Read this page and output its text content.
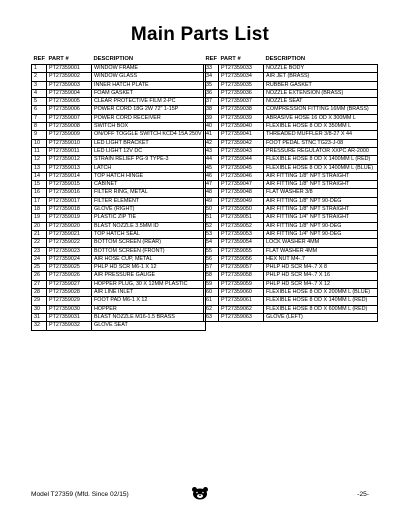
Main Parts List
REF	PART #	DESCRIPTION
1	PT27359001	WINDOW FRAME
2	PT27359002	WINDOW GLASS
3	PT27359003	INNER HATCH PLATE
4	PT27359004	FOAM GASKET
5	PT27359005	CLEAR PROTECTIVE FILM 2-PC
6	PT27359006	POWER CORD 18G 2W 72" 1-15P
7	PT27359007	POWER CORD RECEIVER
8	PT27359008	SWITCH BOX
9	PT27359009	ON/OFF TOGGLE SWITCH KCD4 15A 250V
10	PT27359010	LED LIGHT BRACKET
11	PT27359011	LED LIGHT 12V DC
12	PT27359012	STRAIN RELIEF PG-9 TYPE-3
13	PT27359013	LATCH
14	PT27359014	TOP HATCH HINGE
15	PT27359015	CABINET
16	PT27359016	FILTER RING, METAL
17	PT27359017	FILTER ELEMENT
18	PT27359018	GLOVE (RIGHT)
19	PT27359019	PLASTIC ZIP TIE
20	PT27359020	BLAST NOZZLE 3.5MM ID
21	PT27359021	TOP HATCH SEAL
22	PT27359022	BOTTOM SCREEN (REAR)
23	PT27359023	BOTTOM SCREEN (FRONT)
24	PT27359024	AIR HOSE CUP, METAL
25	PT27359025	PHLP HD SCR M6-1 X 12
26	PT27359026	AIR PRESSURE GAUGE
27	PT27359027	HOPPER PLUG, 30 X 12MM PLASTIC
28	PT27359028	AIR LINE INLET
29	PT27359029	FOOT PAD M6-1 X 12
30	PT27359030	HOPPER
31	PT27359031	BLAST NOZZLE M16-1.5 BRASS
32	PT27359032	GLOVE SEAT
REF	PART #	DESCRIPTION
33	PT27359033	NOZZLE BODY
34	PT27359034	AIR JET (BRASS)
35	PT27359035	RUBBER GASKET
36	PT27359036	NOZZLE EXTENSION (BRASS)
37	PT27359037	NOZZLE SEAT
38	PT27359038	COMPRESSION FITTING 16MM (BRASS)
39	PT27359039	ABRASIVE HOSE 16 OD X 300MM L
40	PT27359040	FLEXIBLE HOSE 8 OD X 350MM L
41	PT27359041	THREADED MUFFLER 3/8-27 X 44
42	PT27359042	FOOT PEDAL STNC TG23-J-08
43	PT27359043	PRESSURE REGULATOR XXPC AR-2000
44	PT27359044	FLEXIBLE HOSE 8 OD X 1400MM L (RED)
45	PT27359045	FLEXIBLE HOSE 8 OD X 1400MM L (BLUE)
46	PT27359046	AIR FITTING 1/8" NPT STRAIGHT
47	PT27359047	AIR FITTING 1/8" NPT STRAIGHT
48	PT27359048	FLAT WASHER 3/8
49	PT27359049	AIR FITTING 1/8" NPT 90-DEG
50	PT27359050	AIR FITTING 1/8" NPT STRAIGHT
51	PT27359051	AIR FITTING 1/4" NPT STRAIGHT
52	PT27359052	AIR FITTING 1/8" NPT 90-DEG
53	PT27359053	AIR FITTING 1/4" NPT 90-DEG
54	PT27359054	LOCK WASHER 4MM
55	PT27359055	FLAT WASHER 4MM
56	PT27359056	HEX NUT M4-.7
57	PT27359057	PHLP HD SCR M4-.7 X 8
58	PT27359058	PHLP HD SCR M4-.7 X 16
59	PT27359059	PHLP HD SCR M4-.7 X 12
60	PT27359060	FLEXIBLE HOSE 8 OD X 200MM L (BLUE)
61	PT27359061	FLEXIBLE HOSE 8 OD X 140MM L (RED)
62	PT27359062	FLEXIBLE HOSE 8 OD X 600MM L (RED)
63	PT27359063	GLOVE (LEFT)
Model T27359 (Mfd. Since 02/15)	-25-
